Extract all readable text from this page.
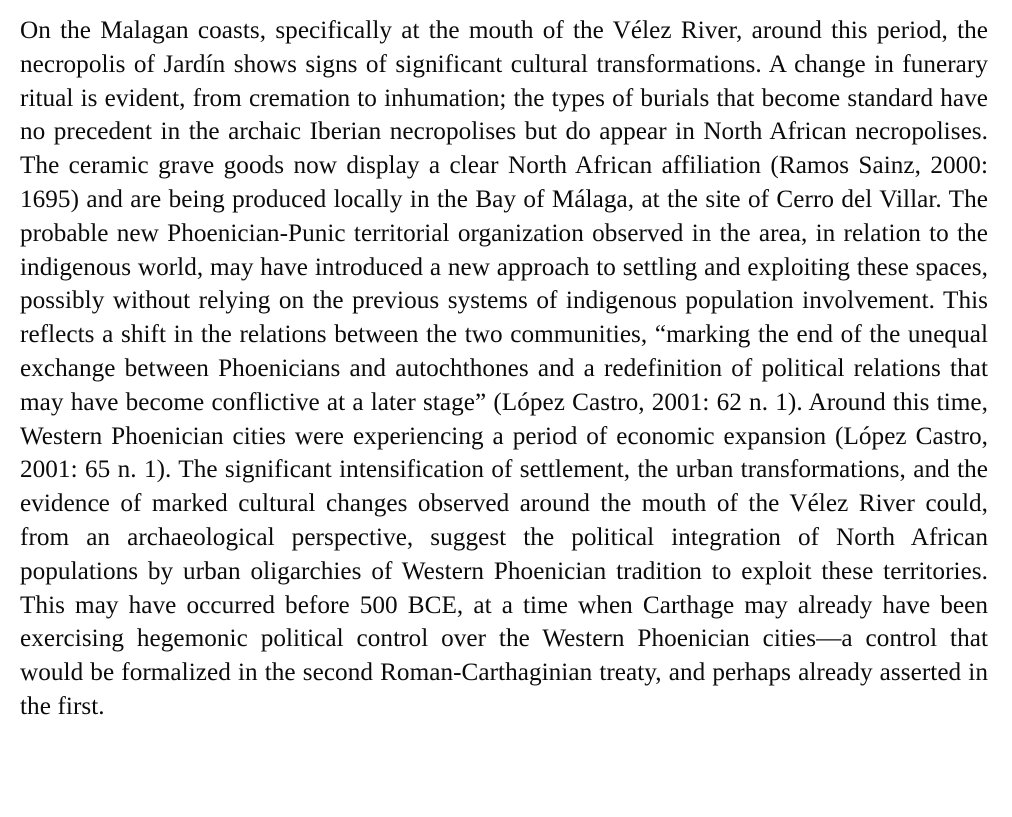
On the Malagan coasts, specifically at the mouth of the Vélez River, around this period, the necropolis of Jardín shows signs of significant cultural transformations. A change in funerary ritual is evident, from cremation to inhumation; the types of burials that become standard have no precedent in the archaic Iberian necropolises but do appear in North African necropolises. The ceramic grave goods now display a clear North African affiliation (Ramos Sainz, 2000: 1695) and are being produced locally in the Bay of Málaga, at the site of Cerro del Villar. The probable new Phoenician-Punic territorial organization observed in the area, in relation to the indigenous world, may have introduced a new approach to settling and exploiting these spaces, possibly without relying on the previous systems of indigenous population involvement. This reflects a shift in the relations between the two communities, “marking the end of the unequal exchange between Phoenicians and autochthones and a redefinition of political relations that may have become conflictive at a later stage” (López Castro, 2001: 62 n. 1). Around this time, Western Phoenician cities were experiencing a period of economic expansion (López Castro, 2001: 65 n. 1). The significant intensification of settlement, the urban transformations, and the evidence of marked cultural changes observed around the mouth of the Vélez River could, from an archaeological perspective, suggest the political integration of North African populations by urban oligarchies of Western Phoenician tradition to exploit these territories. This may have occurred before 500 BCE, at a time when Carthage may already have been exercising hegemonic political control over the Western Phoenician cities—a control that would be formalized in the second Roman-Carthaginian treaty, and perhaps already asserted in the first.
